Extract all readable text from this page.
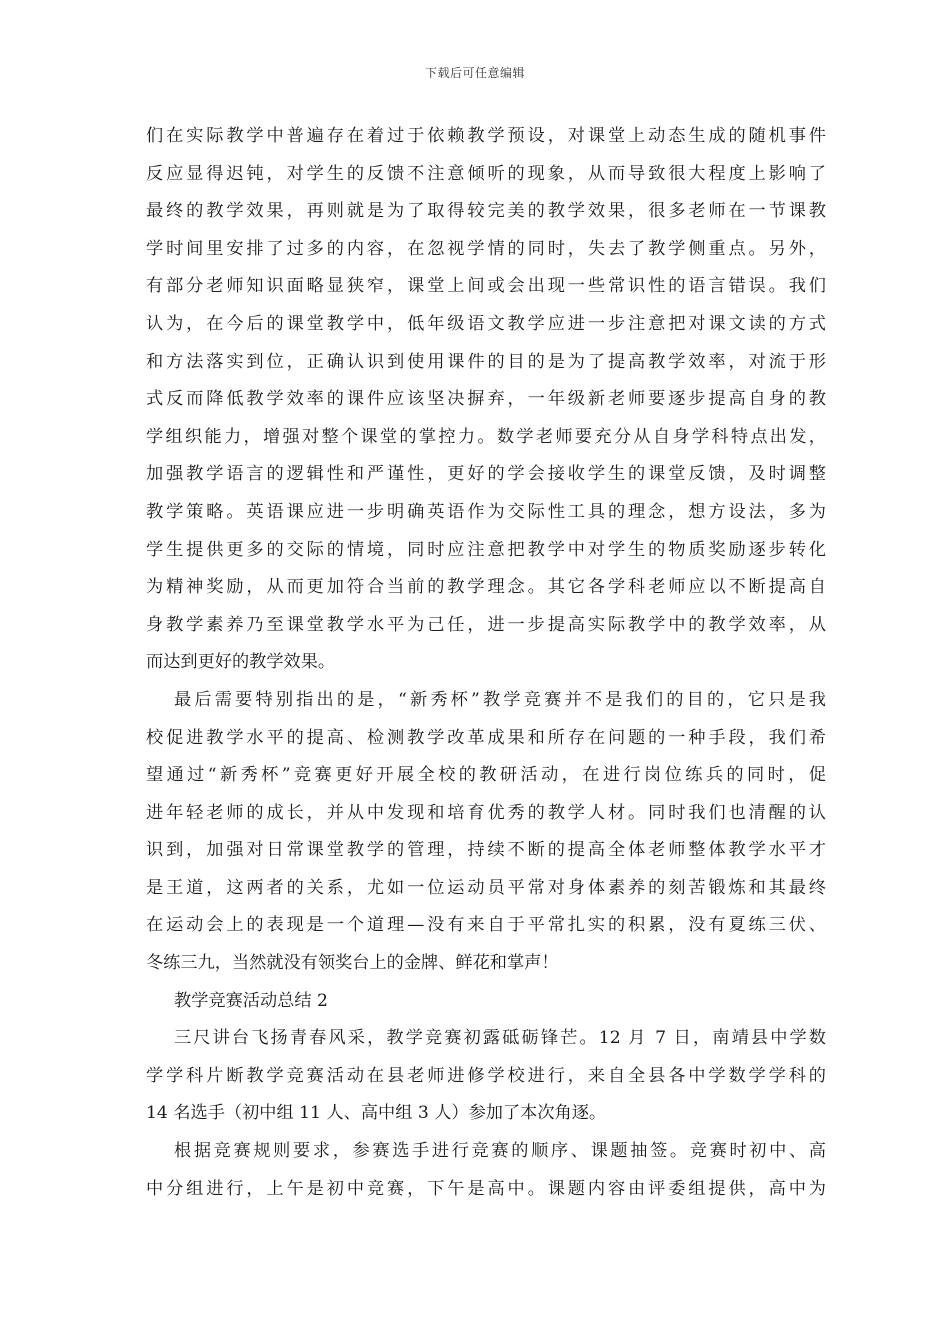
下载后可任意编辑
们在实际教学中普遍存在着过于依赖教学预设，对课堂上动态生成的随机事件
反应显得迟钝，对学生的反馈不注意倾听的现象，从而导致很大程度上影响了
最终的教学效果，再则就是为了取得较完美的教学效果，很多老师在一节课教
学时间里安排了过多的内容，在忽视学情的同时，失去了教学侧重点。另外，
有部分老师知识面略显狭窄，课堂上间或会出现一些常识性的语言错误。我们
认为，在今后的课堂教学中，低年级语文教学应进一步注意把对课文读的方式
和方法落实到位，正确认识到使用课件的目的是为了提高教学效率，对流于形
式反而降低教学效率的课件应该坚决摒弃，一年级新老师要逐步提高自身的教
学组织能力，增强对整个课堂的掌控力。数学老师要充分从自身学科特点出发，
加强教学语言的逻辑性和严谨性，更好的学会接收学生的课堂反馈，及时调整
教学策略。英语课应进一步明确英语作为交际性工具的理念，想方设法，多为
学生提供更多的交际的情境，同时应注意把教学中对学生的物质奖励逐步转化
为精神奖励，从而更加符合当前的教学理念。其它各学科老师应以不断提高自
身教学素养乃至课堂教学水平为己任，进一步提高实际教学中的教学效率，从
而达到更好的教学效果。
最后需要特别指出的是，“新秀杯”教学竞赛并不是我们的目的，它只是我
校促进教学水平的提高、检测教学改革成果和所存在问题的一种手段，我们希
望通过“新秀杯”竞赛更好开展全校的教研活动，在进行岗位练兵的同时，促
进年轻老师的成长，并从中发现和培育优秀的教学人材。同时我们也清醒的认
识到，加强对日常课堂教学的管理，持续不断的提高全体老师整体教学水平才
是王道，这两者的关系，尤如一位运动员平常对身体素养的刻苦锻炼和其最终
在运动会上的表现是一个道理—没有来自于平常扎实的积累，没有夏练三伏、
冬练三九，当然就没有领奖台上的金牌、鲜花和掌声！
教学竞赛活动总结 2
三尺讲台飞扬青春风采，教学竞赛初露砥砺锋芒。12 月 7 日，南靖县中学数
学学科片断教学竞赛活动在县老师进修学校进行，来自全县各中学数学学科的
14 名选手（初中组 11 人、高中组 3 人）参加了本次角逐。
根据竞赛规则要求，参赛选手进行竞赛的顺序、课题抽签。竞赛时初中、高
中分组进行，上午是初中竞赛，下午是高中。课题内容由评委组提供，高中为
